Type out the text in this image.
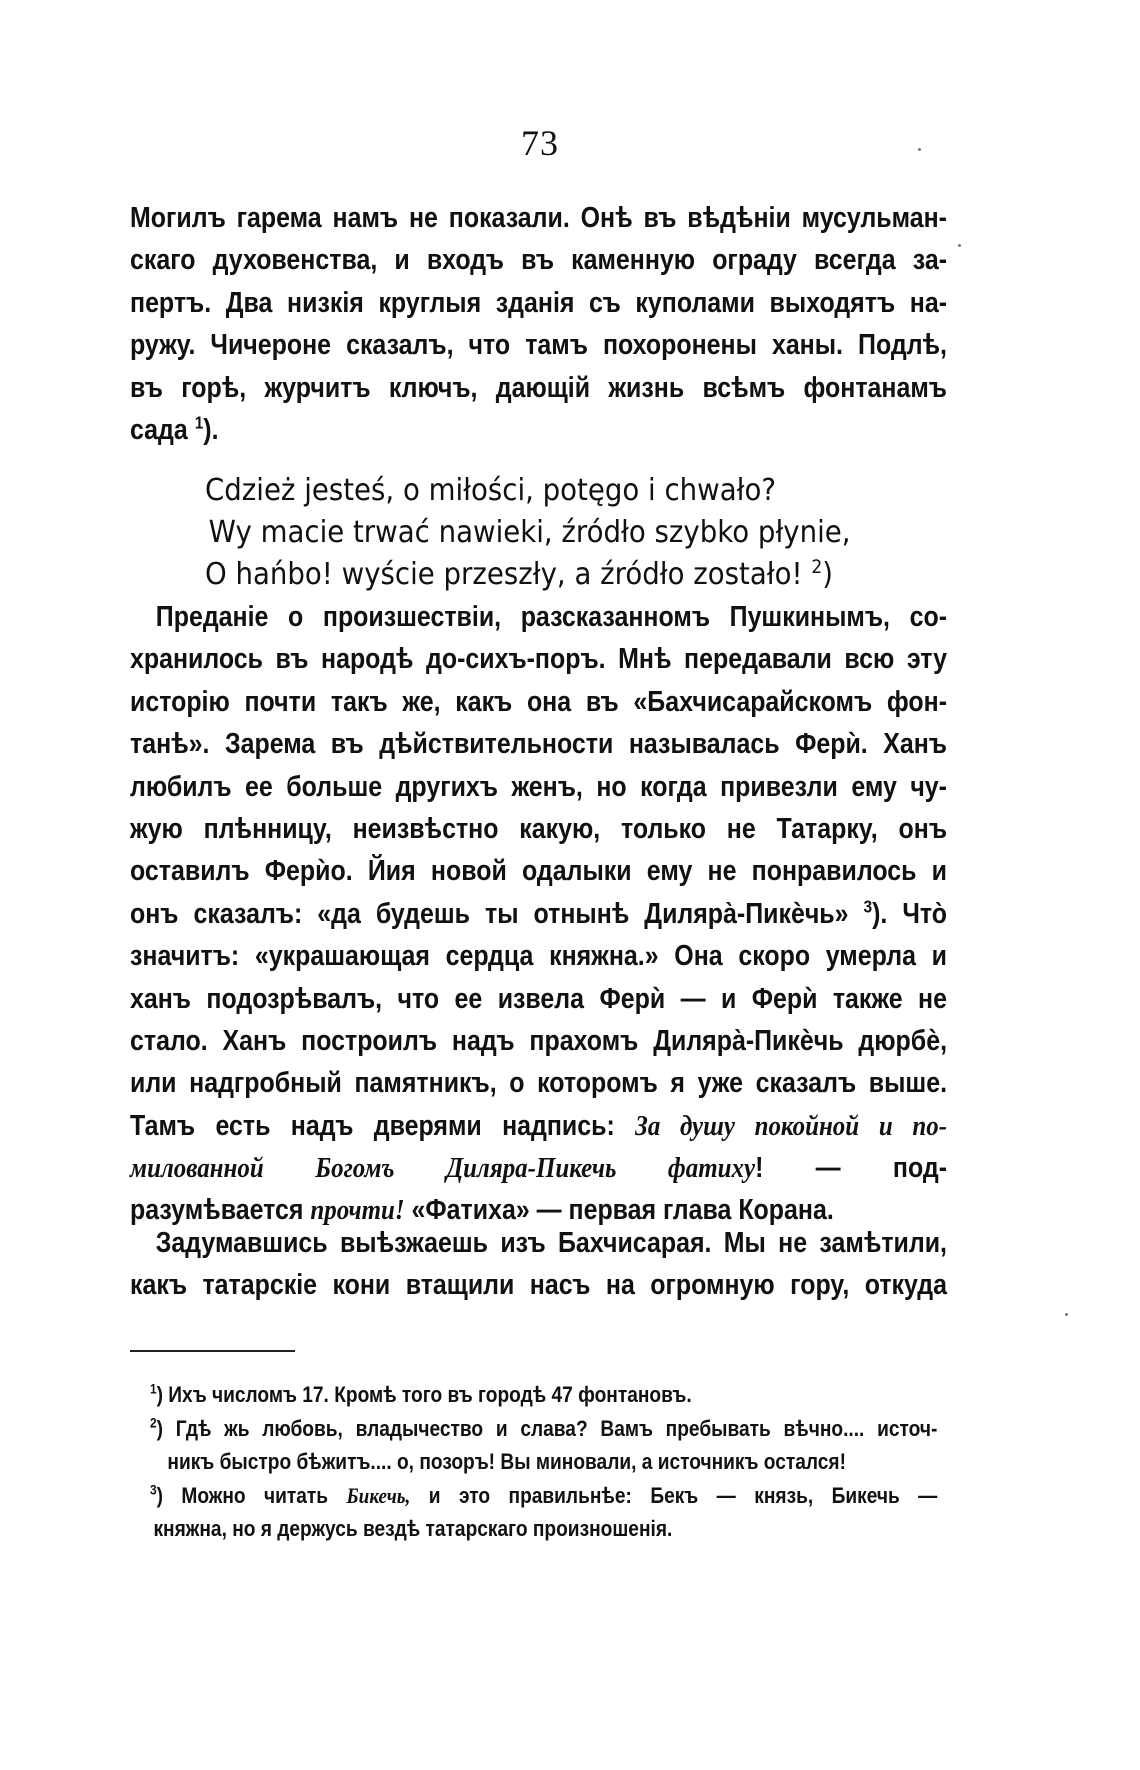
73
Могилъ гарема намъ не показали. Онѣ въ вѣдѣніи мусульман-
скаго духовенства, и входъ въ каменную ограду всегда за-
пертъ. Два низкія круглыя зданія съ куполами выходятъ на-
ружу. Чичероне сказалъ, что тамъ похоронены ханы. Подлѣ,
въ горѣ, журчитъ ключъ, дающій жизнь всѣмъ фонтанамъ
сада $^1$).
Cdzież jesteś, o miłości, potęgo i chwało?
Wy macie trwać nawieki, źródło szybko płynie,
O hańbo! wyście przeszły, a źródło zostało! $^2$)
Преданіе о произшествіи, разсказанномъ Пушкинымъ, со-
хранилось въ народѣ до-сихъ-поръ. Мнѣ передавали всю эту
исторію почти такъ же, какъ она въ «Бахчисарайскомъ фон-
танѣ». Зарема въ дѣйствительности называлась Ферѝ. Ханъ
любилъ ее больше другихъ женъ, но когда привезли ему чу-
жую плѣнницу, неизвѣстно какую, только не Татарку, онъ
оставилъ Ферѝо. Йия новой одалыки ему не понравилось и
онъ сказалъ: «да будешь ты отнынѣ Диляра̀-Пикѐчь» $^3$). Что̀
значитъ: «украшающая сердца княжна.» Она скоро умерла и
ханъ подозрѣвалъ, что ее извела Ферѝ — и Ферѝ также не
стало. Ханъ построилъ надъ прахомъ Диляра̀-Пикѐчь дюрбѐ,
или надгробный памятникъ, о которомъ я уже сказалъ выше.
Тамъ есть надъ дверями надпись: За душу покойной и по-
милованной Богомъ Диляра-Пикечь фатиху! — под-
разумѣвается прочти! «Фатиха» — первая глава Корана.
Задумавшись выѣзжаешь изъ Бахчисарая. Мы не замѣтили,
какъ татарскіе кони втащили насъ на огромную гору, откуда
$^1$) Ихъ числомъ 17. Кромѣ того въ городѣ 47 фонтановъ.
$^2$) Гдѣ жь любовь, владычество и слава? Вамъ пребывать вѣчно.... источ-
никъ быстро бѣжитъ.... о, позоръ! Вы миновали, а источникъ остался!
$^3$) Можно читать Бикечь, и это правильнѣе: Бекъ — князь, Бикечь —
княжна, но я держусь вездѣ татарскаго произношенія.
